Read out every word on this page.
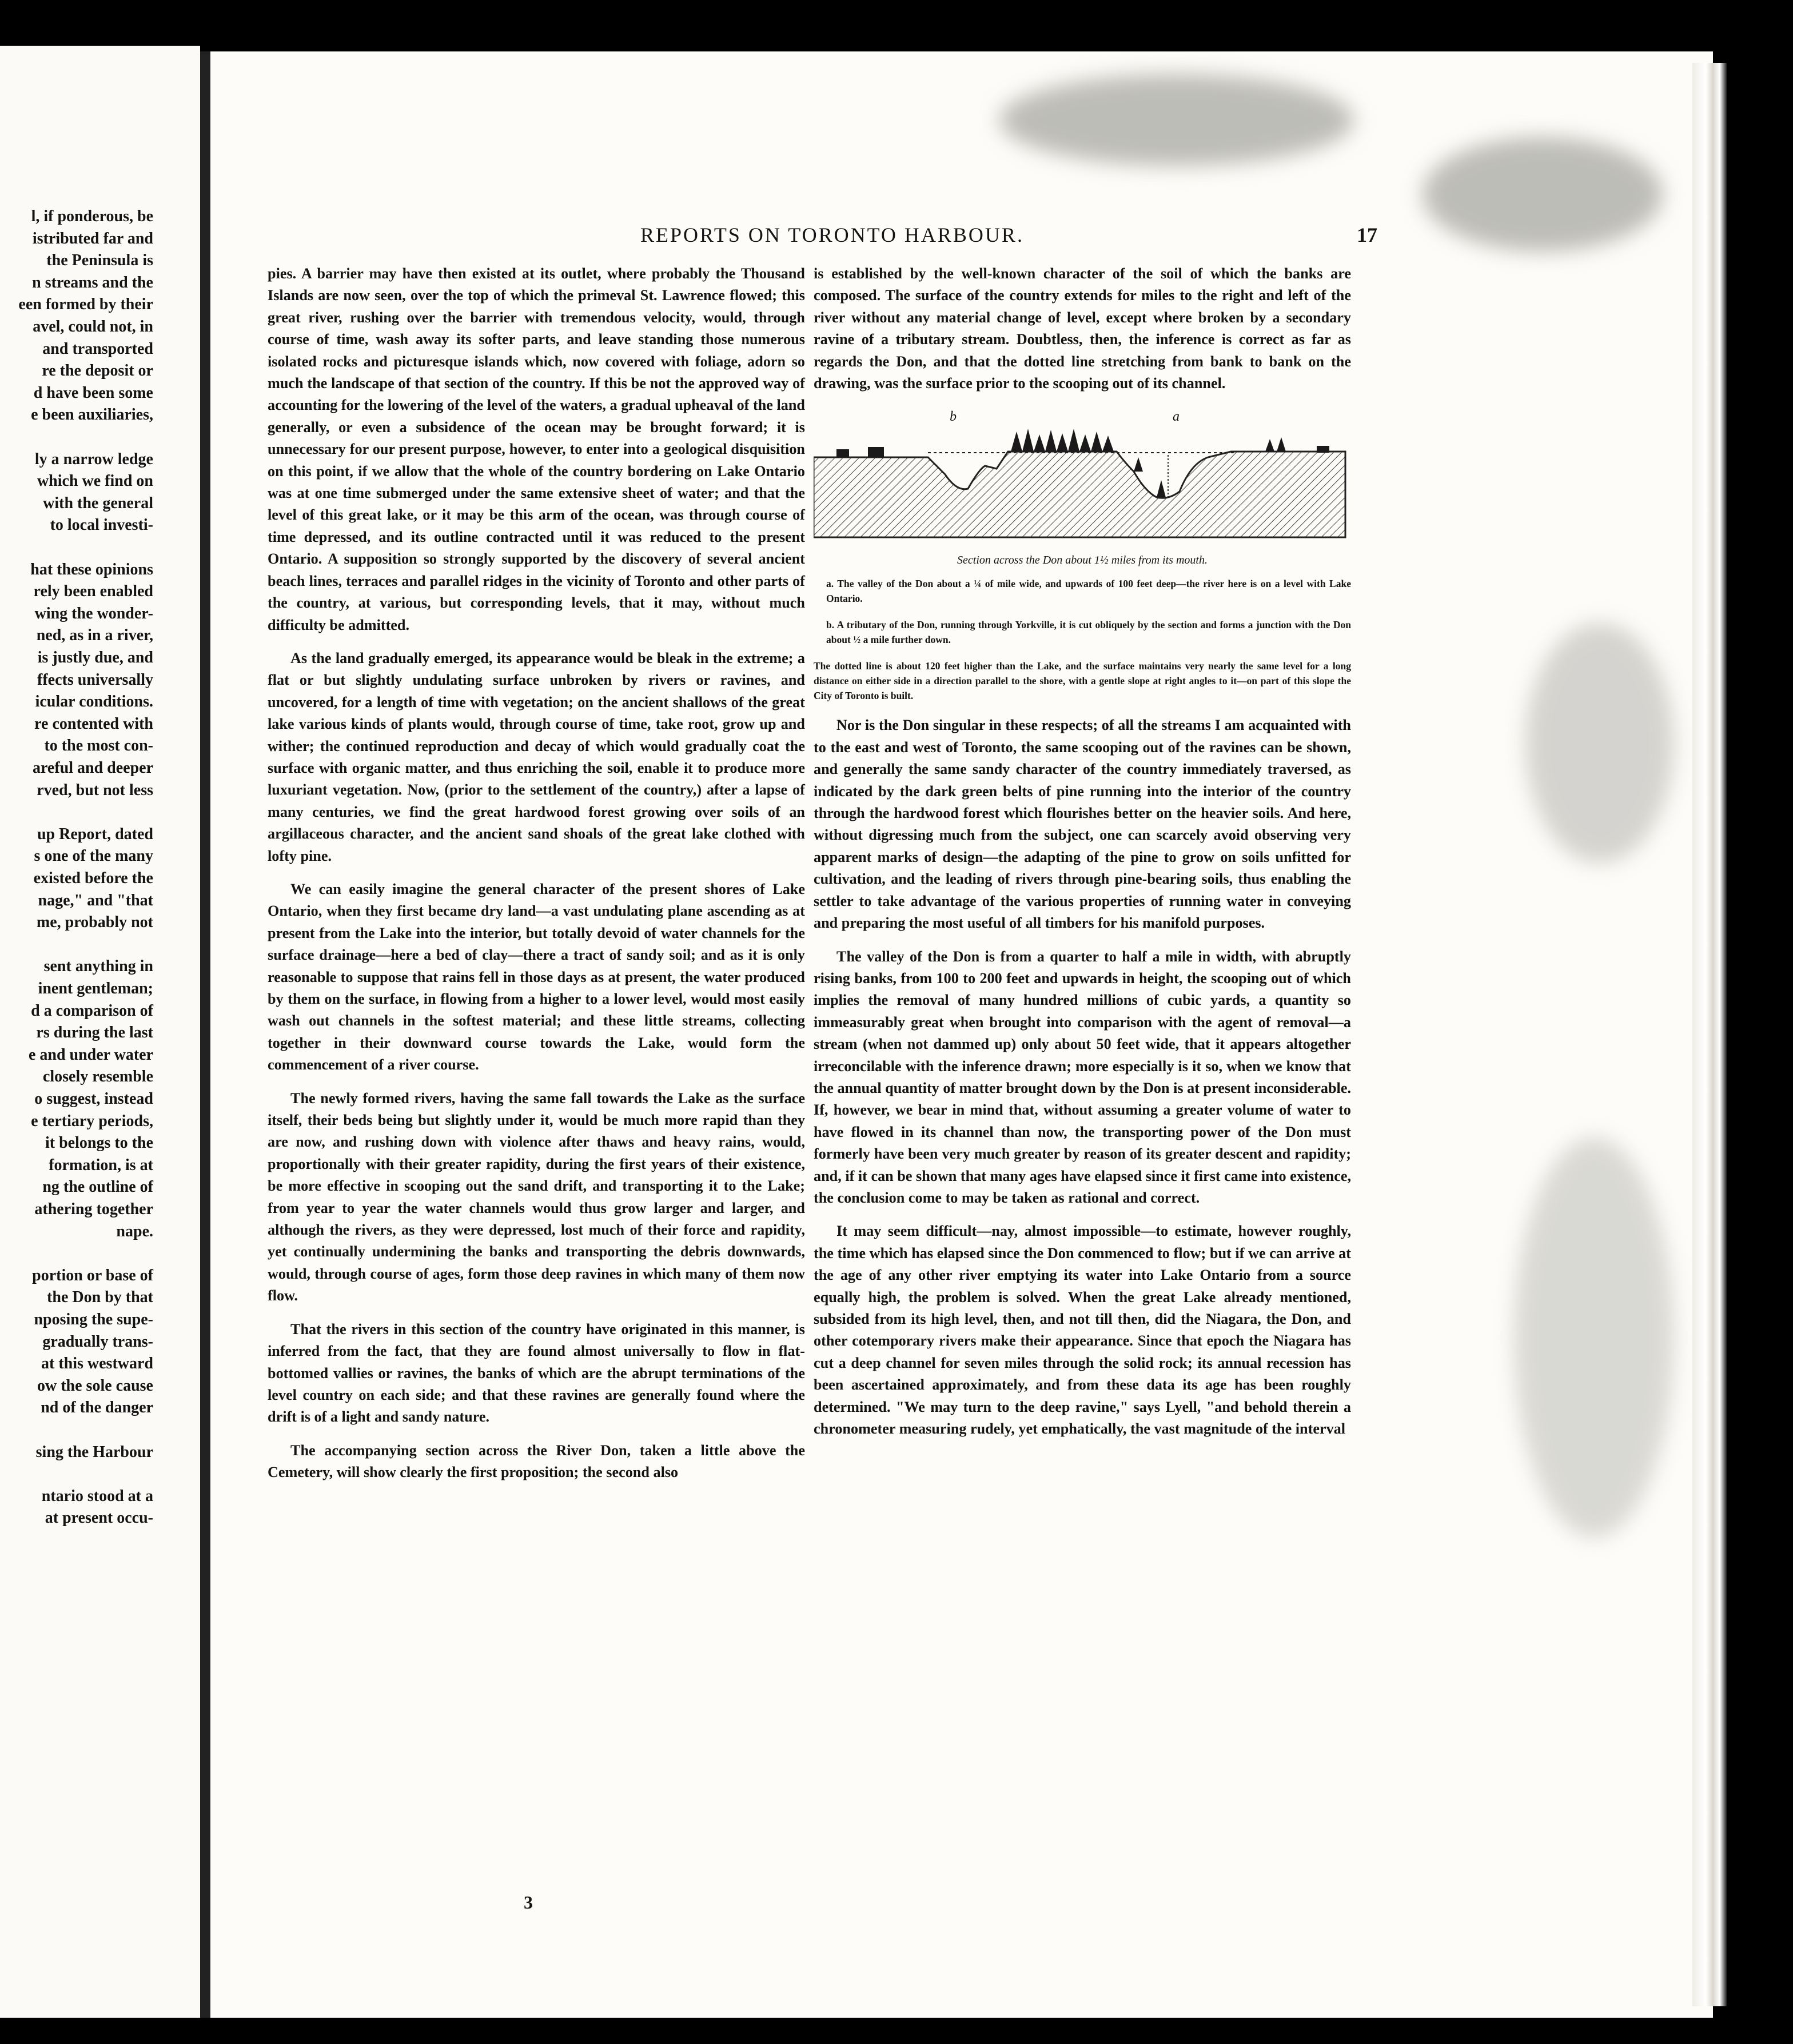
l, if ponderous, be
istributed far and
the Peninsula is
n streams and the
een formed by their
avel, could not, in
and transported
re the deposit or
d have been some
e been auxiliaries,
ly a narrow ledge
which we find on
with the general
to local investi-
hat these opinions
rely been enabled
wing the wonder-
ned, as in a river,
is justly due, and
ffects universally
icular conditions.
re contented with
to the most con-
areful and deeper
rved, but not less
up Report, dated
s one of the many
existed before the
nage," and "that
me, probably not
sent anything in
inent gentleman;
d a comparison of
rs during the last
e and under water
closely resemble
o suggest, instead
e tertiary periods,
it belongs to the
formation, is at
ng the outline of
athering together
nape.
portion or base of
the Don by that
nposing the supe-
gradually trans-
at this westward
ow the sole cause
nd of the danger
sing the Harbour
ntario stood at a
at present occu-
REPORTS ON TORONTO HARBOUR.	17

pies. A barrier may have then existed at its outlet, where probably the Thousand Islands are now seen, over the top of which the primeval St. Lawrence flowed; this great river, rushing over the barrier with tremendous velocity, would, through course of time, wash away its softer parts, and leave standing those numerous isolated rocks and picturesque islands which, now covered with foliage, adorn so much the landscape of that section of the country. If this be not the approved way of accounting for the lowering of the level of the waters, a gradual upheaval of the land generally, or even a subsidence of the ocean may be brought forward; it is unnecessary for our present purpose, however, to enter into a geological disquisition on this point, if we allow that the whole of the country bordering on Lake Ontario was at one time submerged under the same extensive sheet of water; and that the level of this great lake, or it may be this arm of the ocean, was through course of time depressed, and its outline contracted until it was reduced to the present Ontario. A supposition so strongly supported by the discovery of several ancient beach lines, terraces and parallel ridges in the vicinity of Toronto and other parts of the country, at various, but corresponding levels, that it may, without much difficulty be admitted.

As the land gradually emerged, its appearance would be bleak in the extreme; a flat or but slightly undulating surface unbroken by rivers or ravines, and uncovered, for a length of time with vegetation; on the ancient shallows of the great lake various kinds of plants would, through course of time, take root, grow up and wither; the continued reproduction and decay of which would gradually coat the surface with organic matter, and thus enriching the soil, enable it to produce more luxuriant vegetation. Now, (prior to the settlement of the country,) after a lapse of many centuries, we find the great hardwood forest growing over soils of an argillaceous character, and the ancient sand shoals of the great lake clothed with lofty pine.

We can easily imagine the general character of the present shores of Lake Ontario, when they first became dry land—a vast undulating plane ascending as at present from the Lake into the interior, but totally devoid of water channels for the surface drainage—here a bed of clay—there a tract of sandy soil; and as it is only reasonable to suppose that rains fell in those days as at present, the water produced by them on the surface, in flowing from a higher to a lower level, would most easily wash out channels in the softest material; and these little streams, collecting together in their downward course towards the Lake, would form the commencement of a river course.

The newly formed rivers, having the same fall towards the Lake as the surface itself, their beds being but slightly under it, would be much more rapid than they are now, and rushing down with violence after thaws and heavy rains, would, proportionally with their greater rapidity, during the first years of their existence, be more effective in scooping out the sand drift, and transporting it to the Lake; from year to year the water channels would thus grow larger and larger, and although the rivers, as they were depressed, lost much of their force and rapidity, yet continually undermining the banks and transporting the debris downwards, would, through course of ages, form those deep ravines in which many of them now flow.

That the rivers in this section of the country have originated in this manner, is inferred from the fact, that they are found almost universally to flow in flat-bottomed vallies or ravines, the banks of which are the abrupt terminations of the level country on each side; and that these ravines are generally found where the drift is of a light and sandy nature.

The accompanying section across the River Don, taken a little above the Cemetery, will show clearly the first proposition; the second also

3

is established by the well-known character of the soil of which the banks are composed. The surface of the country extends for miles to the right and left of the river without any material change of level, except where broken by a secondary ravine of a tributary stream. Doubtless, then, the inference is correct as far as regards the Don, and that the dotted line stretching from bank to bank on the drawing, was the surface prior to the scooping out of its channel.

b	a
Section across the Don about 1½ miles from its mouth.

a. The valley of the Don about a ¼ of mile wide, and upwards of 100 feet deep—the river here is on a level with Lake Ontario.

b. A tributary of the Don, running through Yorkville, it is cut obliquely by the section and forms a junction with the Don about ½ a mile further down.

The dotted line is about 120 feet higher than the Lake, and the surface maintains very nearly the same level for a long distance on either side in a direction parallel to the shore, with a gentle slope at right angles to it—on part of this slope the City of Toronto is built.

Nor is the Don singular in these respects; of all the streams I am acquainted with to the east and west of Toronto, the same scooping out of the ravines can be shown, and generally the same sandy character of the country immediately traversed, as indicated by the dark green belts of pine running into the interior of the country through the hardwood forest which flourishes better on the heavier soils. And here, without digressing much from the subject, one can scarcely avoid observing very apparent marks of design—the adapting of the pine to grow on soils unfitted for cultivation, and the leading of rivers through pine-bearing soils, thus enabling the settler to take advantage of the various properties of running water in conveying and preparing the most useful of all timbers for his manifold purposes.

The valley of the Don is from a quarter to half a mile in width, with abruptly rising banks, from 100 to 200 feet and upwards in height, the scooping out of which implies the removal of many hundred millions of cubic yards, a quantity so immeasurably great when brought into comparison with the agent of removal—a stream (when not dammed up) only about 50 feet wide, that it appears altogether irreconcilable with the inference drawn; more especially is it so, when we know that the annual quantity of matter brought down by the Don is at present inconsiderable. If, however, we bear in mind that, without assuming a greater volume of water to have flowed in its channel than now, the transporting power of the Don must formerly have been very much greater by reason of its greater descent and rapidity; and, if it can be shown that many ages have elapsed since it first came into existence, the conclusion come to may be taken as rational and correct.

It may seem difficult—nay, almost impossible—to estimate, however roughly, the time which has elapsed since the Don commenced to flow; but if we can arrive at the age of any other river emptying its water into Lake Ontario from a source equally high, the problem is solved. When the great Lake already mentioned, subsided from its high level, then, and not till then, did the Niagara, the Don, and other cotemporary rivers make their appearance. Since that epoch the Niagara has cut a deep channel for seven miles through the solid rock; its annual recession has been ascertained approximately, and from these data its age has been roughly determined. "We may turn to the deep ravine," says Lyell, "and behold therein a chronometer measuring rudely, yet emphatically, the vast magnitude of the interval
